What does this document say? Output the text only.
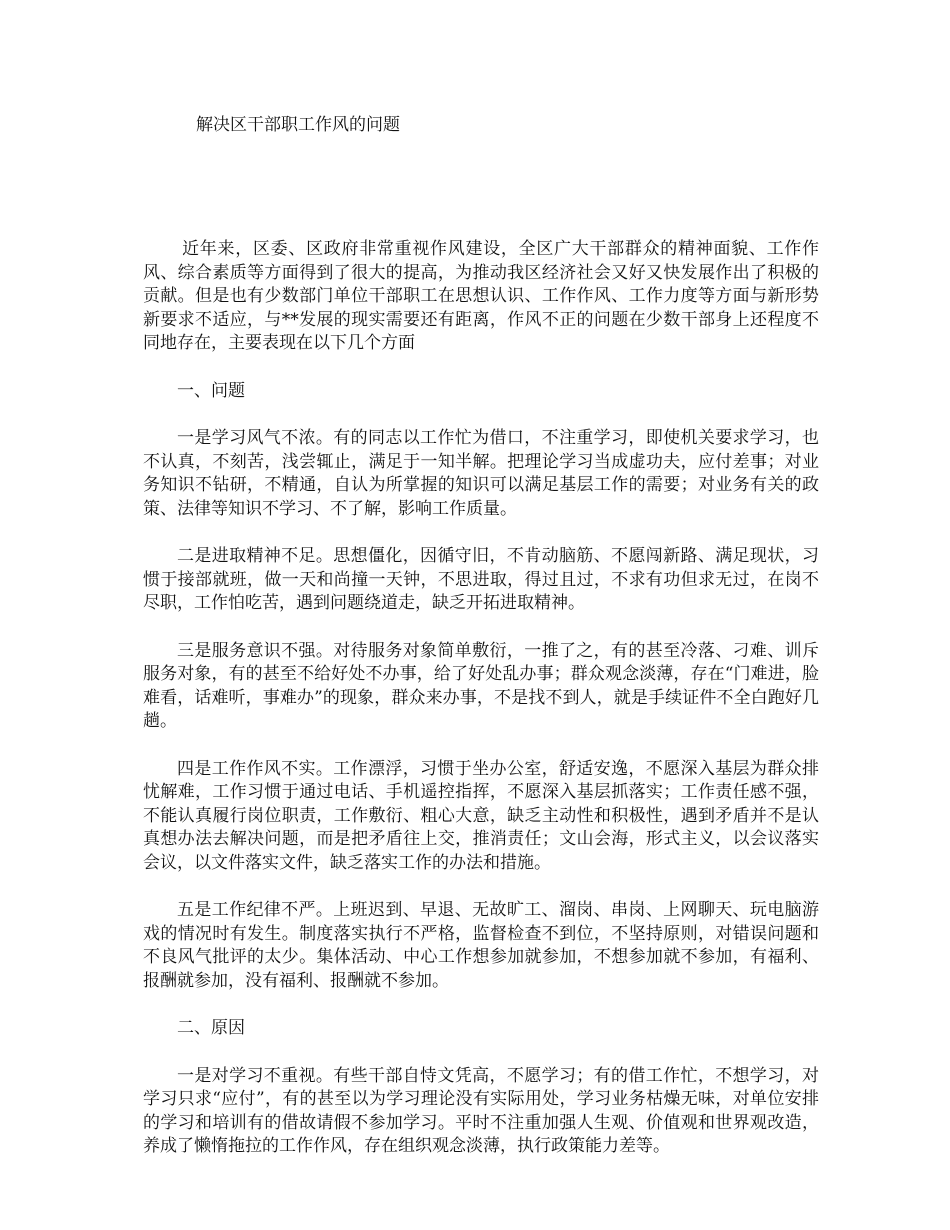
解决区干部职工作风的问题

近年来，区委、区政府非常重视作风建设，全区广大干部群众的精神面貌、工作作风、综合素质等方面得到了很大的提高，为推动我区经济社会又好又快发展作出了积极的贡献。但是也有少数部门单位干部职工在思想认识、工作作风、工作力度等方面与新形势新要求不适应，与**发展的现实需要还有距离，作风不正的问题在少数干部身上还程度不同地存在，主要表现在以下几个方面

一、问题

一是学习风气不浓。有的同志以工作忙为借口，不注重学习，即使机关要求学习，也不认真，不刻苦，浅尝辄止，满足于一知半解。把理论学习当成虚功夫，应付差事；对业务知识不钻研，不精通，自认为所掌握的知识可以满足基层工作的需要；对业务有关的政策、法律等知识不学习、不了解，影响工作质量。

二是进取精神不足。思想僵化，因循守旧，不肯动脑筋、不愿闯新路、满足现状，习惯于接部就班，做一天和尚撞一天钟，不思进取，得过且过，不求有功但求无过，在岗不尽职，工作怕吃苦，遇到问题绕道走，缺乏开拓进取精神。

三是服务意识不强。对待服务对象简单敷衍，一推了之，有的甚至冷落、刁难、训斥服务对象，有的甚至不给好处不办事，给了好处乱办事；群众观念淡薄，存在“门难进，脸难看，话难听，事难办”的现象，群众来办事，不是找不到人，就是手续证件不全白跑好几趟。

四是工作作风不实。工作漂浮，习惯于坐办公室，舒适安逸，不愿深入基层为群众排忧解难，工作习惯于通过电话、手机遥控指挥，不愿深入基层抓落实；工作责任感不强，不能认真履行岗位职责，工作敷衍、粗心大意，缺乏主动性和积极性，遇到矛盾并不是认真想办法去解决问题，而是把矛盾往上交，推消责任；文山会海，形式主义，以会议落实会议，以文件落实文件，缺乏落实工作的办法和措施。

五是工作纪律不严。上班迟到、早退、无故旷工、溜岗、串岗、上网聊天、玩电脑游戏的情况时有发生。制度落实执行不严格，监督检查不到位，不坚持原则，对错误问题和不良风气批评的太少。集体活动、中心工作想参加就参加，不想参加就不参加，有福利、报酬就参加，没有福利、报酬就不参加。

二、原因

一是对学习不重视。有些干部自恃文凭高，不愿学习；有的借工作忙，不想学习，对学习只求“应付”，有的甚至以为学习理论没有实际用处，学习业务枯燥无味，对单位安排的学习和培训有的借故请假不参加学习。平时不注重加强人生观、价值观和世界观改造，养成了懒惰拖拉的工作作风，存在组织观念淡薄，执行政策能力差等。
